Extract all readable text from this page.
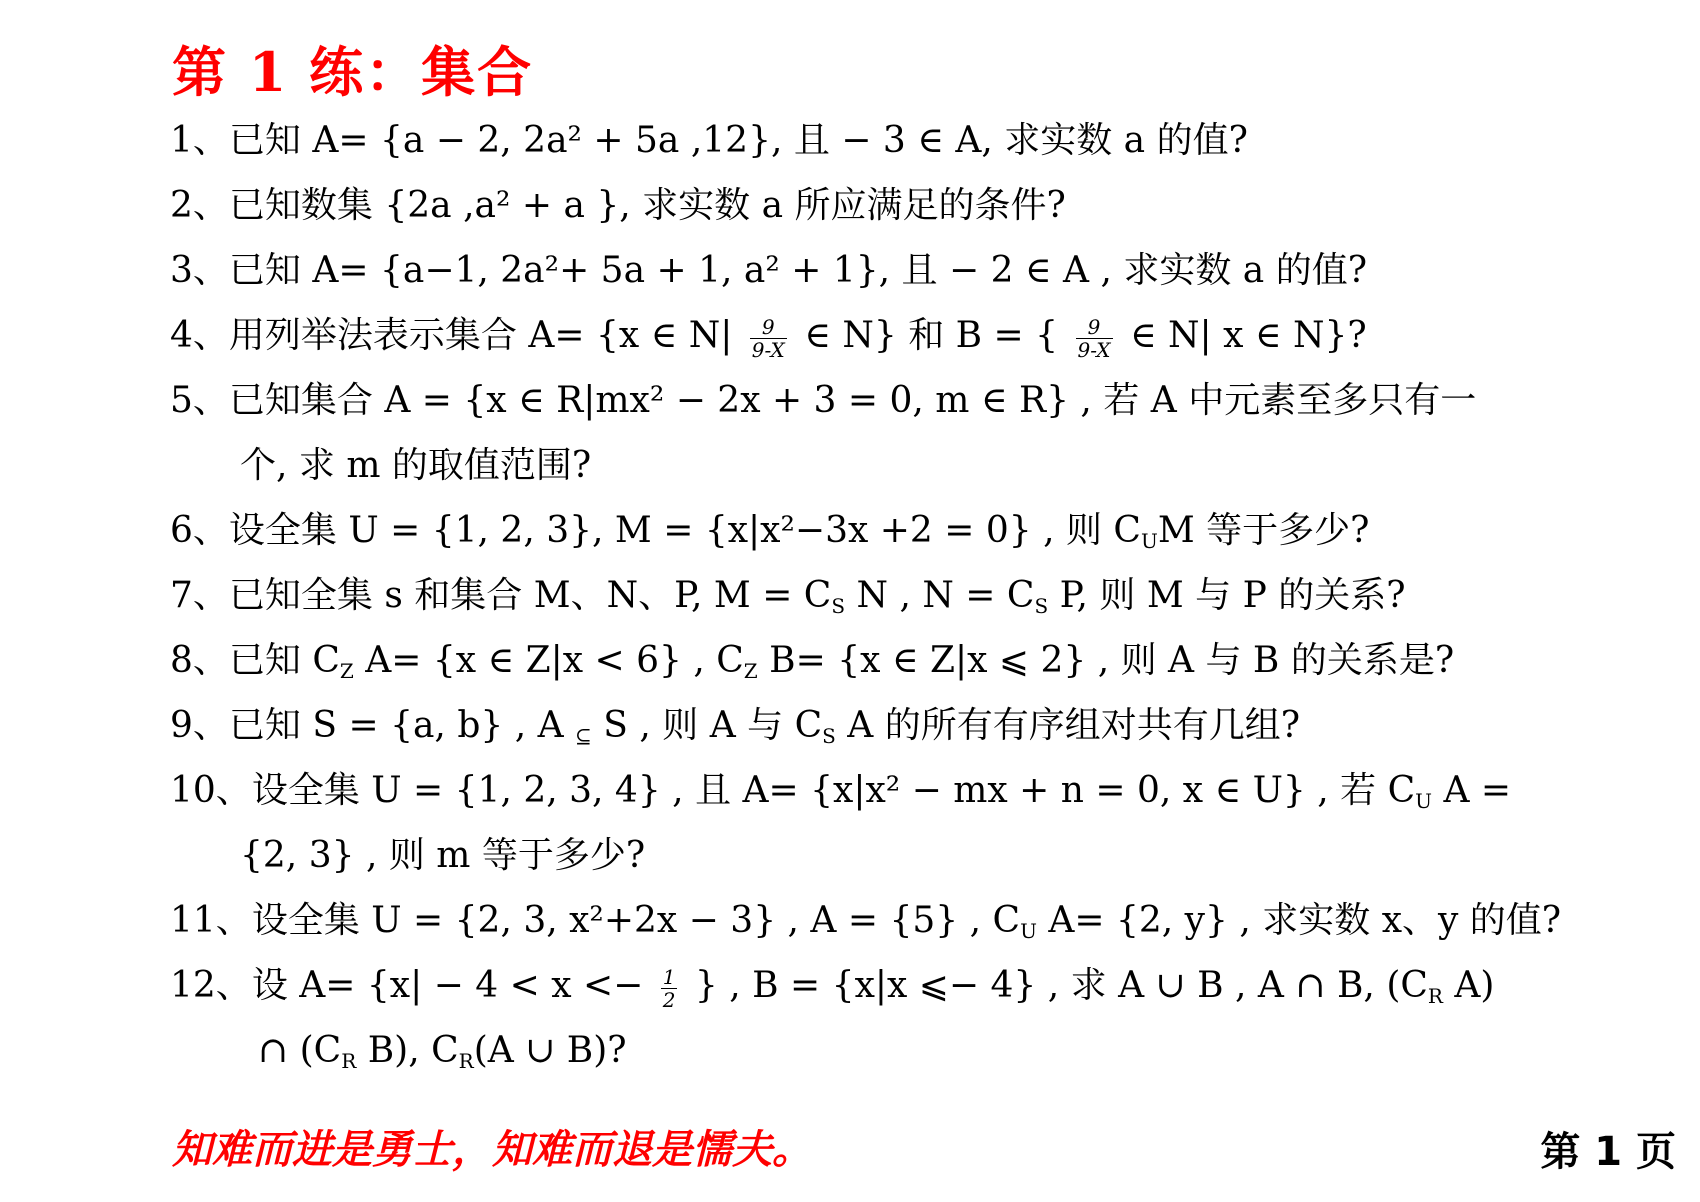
第 1 练：集合
1、已知 A= {a − 2, 2a² + 5a ,12}, 且 − 3 ∈ A, 求实数 a 的值?
2、已知数集 {2a ,a² + a }, 求实数 a 所应满足的条件?
3、已知 A= {a−1, 2a²+ 5a + 1, a² + 1}, 且 − 2 ∈ A , 求实数 a 的值?
4、用列举法表示集合 A= {x ∈ $N| \frac{9}{9-X}$ ∈ N} 和 B = { $\frac{9}{9-X}$ ∈ N| x ∈ N}?
5、已知集合 A = {x ∈ R|mx² − 2x + 3 = 0, m ∈ R} , 若 A 中元素至多只有一
个, 求 m 的取值范围?
6、设全集 U = {1, 2, 3}, M = {x|x²−3x +2 = 0} , 则 $C_UM$ 等于多少?
7、已知全集 s 和集合 M、N、P, $M = C_S$ N , $N = C_S$ P, 则 M 与 P 的关系?
8、已知 $C_Z$ A= {x ∈ Z|x < 6} , $C_Z$ B= {x ∈ Z|x ⩽ 2} , 则 A 与 B 的关系是?
9、已知 S = {a, b} , A $_⊆$ S , 则 A 与 $C_S$ A 的所有有序组对共有几组?
10、设全集 U = {1, 2, 3, 4} , 且 A= {x|x² − mx + n = 0, x ∈ U} , 若 $C_U$ A =
{2, 3} , 则 m 等于多少?
11、设全集 U = {2, 3, x²+2x − 3} , A = {5} , $C_U$ A= {2, y} , 求实数 x、y 的值?
12、设 $A= \{x| - 4 < x <- \frac{1}{2}$ } , B = {x|x ⩽− 4} , 求 A ∪ B , A ∩ B, ($C_R$ A)
∩ ($C_R$ B), $C_R(A$ ∪ B)?
知难而进是勇士，知难而退是懦夫。	第 1 页
